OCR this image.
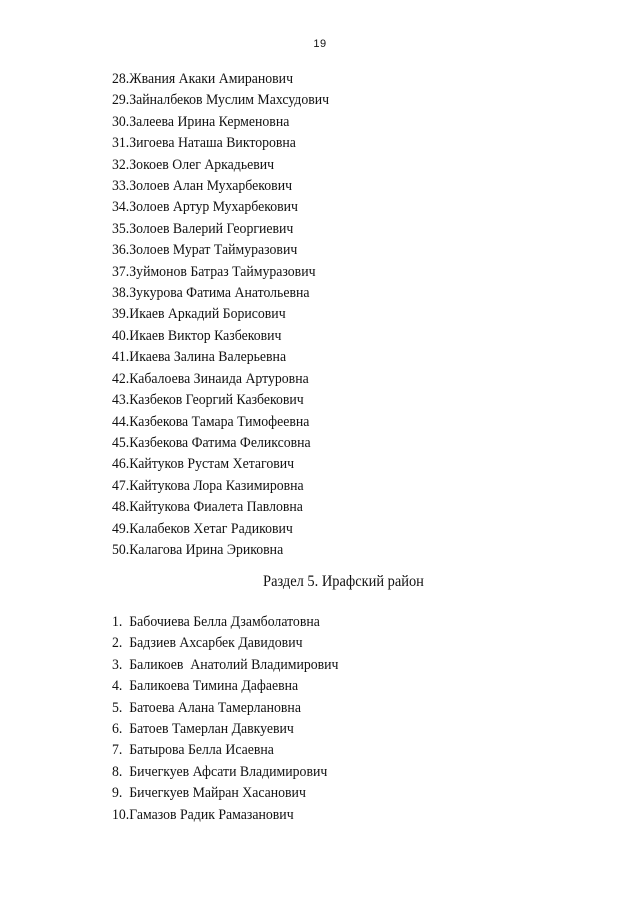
19
28.Жвания Акаки Амиранович
29.Зайналбеков Муслим Махсудович
30.Залеева Ирина Керменовна
31.Зигоева Наташа Викторовна
32.Зокоев Олег Аркадьевич
33.Золоев Алан Мухарбекович
34.Золоев Артур Мухарбекович
35.Золоев Валерий Георгиевич
36.Золоев Мурат Таймуразович
37.Зуймонов Батраз Таймуразович
38.Зукурова Фатима Анатольевна
39.Икаев Аркадий Борисович
40.Икаев Виктор Казбекович
41.Икаева Залина Валерьевна
42.Кабалоева Зинаида Артуровна
43.Казбеков Георгий Казбекович
44.Казбекова Тамара Тимофеевна
45.Казбекова Фатима Феликсовна
46.Кайтуков Рустам Хетагович
47.Кайтукова Лора Казимировна
48.Кайтукова Фиалета Павловна
49.Калабеков Хетаг Радикович
50.Калагова Ирина Эриковна
Раздел 5. Ирафский район
1.  Бабочиева Белла Дзамболатовна
2.  Бадзиев Ахсарбек Давидович
3.  Баликоев  Анатолий Владимирович
4.  Баликоева Тимина Дафаевна
5.  Батоева Алана Тамерлановна
6.  Батоев Тамерлан Давкуевич
7.  Батырова Белла Исаевна
8.  Бичегкуев Афсати Владимирович
9.  Бичегкуев Майран Хасанович
10.Гамазов Радик Рамазанович
